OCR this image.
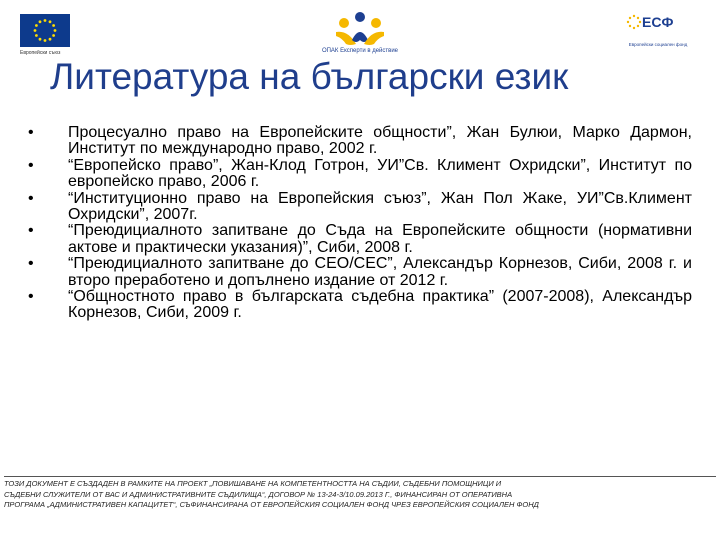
Европейски съюз	ОПАК Експерти в действие
ЕСФ
Европейски социален фонд
Литература на български език
• Процесуално право на Европейските общности”, Жан Булюи, Марко Дармон, Институт по международно право, 2002 г.
• “Европейско право”, Жан-Клод Готрон, УИ”Св. Климент Охридски”, Институт по европейско право, 2006 г.
• “Институционно право на Европейския съюз”, Жан Пол Жаке, УИ”Св.Климент Охридски”, 2007г.
• “Преюдициалното запитване до Съда на Европейските общности (нормативни актове и практически указания)”, Сиби, 2008 г.
• “Преюдициалното запитване до СЕО/СЕС”, Александър Корнезов, Сиби, 2008 г. и второ преработено и допълнено издание от 2012 г.
• “Общностното право в българската съдебна практика” (2007-2008), Александър Корнезов, Сиби, 2009 г.
ТОЗИ ДОКУМЕНТ Е СЪЗДАДЕН В РАМКИТЕ НА ПРОЕКТ „ПОВИШАВАНЕ НА КОМПЕТЕНТНОСТТА НА СЪДИИ, СЪДЕБНИ ПОМОЩНИЦИ И
СЪДЕБНИ СЛУЖИТЕЛИ ОТ ВАС И АДМИНИСТРАТИВНИТЕ СЪДИЛИЩА“, ДОГОВОР № 13-24-3/10.09.2013 Г., ФИНАНСИРАН ОТ ОПЕРАТИВНА
ПРОГРАМА „АДМИНИСТРАТИВЕН КАПАЦИТЕТ“, СЪФИНАНСИРАНА ОТ ЕВРОПЕЙСКИЯ СОЦИАЛЕН ФОНД ЧРЕЗ ЕВРОПЕЙСКИЯ СОЦИАЛЕН ФОНД
